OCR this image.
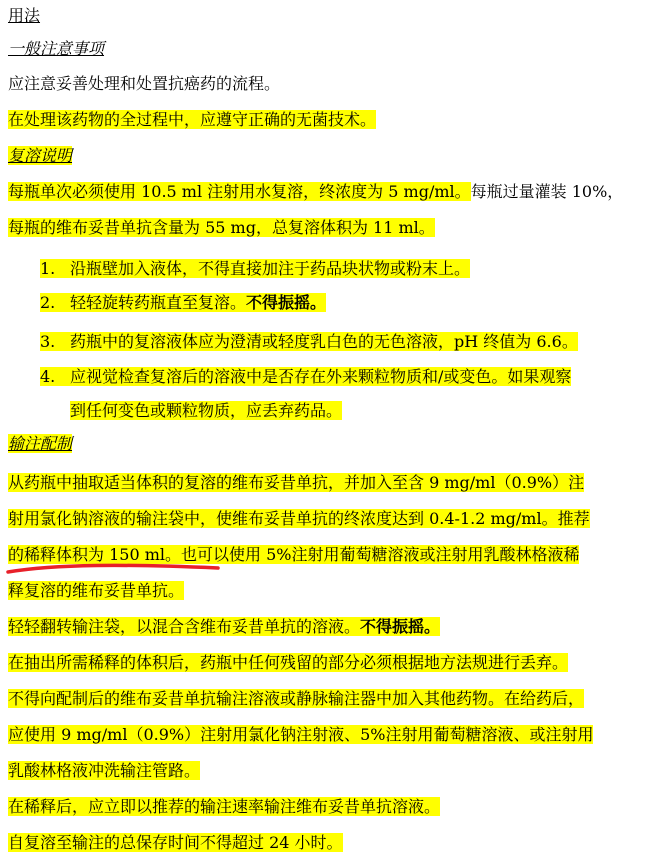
用法
一般注意事项
应注意妥善处理和处置抗癌药的流程。
在处理该药物的全过程中，应遵守正确的无菌技术。
复溶说明
每瓶单次必须使用 10.5 ml 注射用水复溶，终浓度为 5 mg/ml。每瓶过量灌装 10%，
每瓶的维布妥昔单抗含量为 55 mg，总复溶体积为 11 ml。
1. 沿瓶壁加入液体，不得直接加注于药品块状物或粉末上。
2. 轻轻旋转药瓶直至复溶。不得振摇。
3. 药瓶中的复溶液体应为澄清或轻度乳白色的无色溶液，pH 终值为 6.6。
4. 应视觉检查复溶后的溶液中是否存在外来颗粒物质和/或变色。如果观察
到任何变色或颗粒物质，应丢弃药品。
输注配制
从药瓶中抽取适当体积的复溶的维布妥昔单抗，并加入至含 9 mg/ml（0.9%）注
射用氯化钠溶液的输注袋中，使维布妥昔单抗的终浓度达到 0.4-1.2 mg/ml。推荐
的稀释体积为 150 ml。也可以使用 5%注射用葡萄糖溶液或注射用乳酸林格液稀
释复溶的维布妥昔单抗。
轻轻翻转输注袋，以混合含维布妥昔单抗的溶液。不得振摇。
在抽出所需稀释的体积后，药瓶中任何残留的部分必须根据地方法规进行丢弃。
不得向配制后的维布妥昔单抗输注溶液或静脉输注器中加入其他药物。在给药后，
应使用 9 mg/ml（0.9%）注射用氯化钠注射液、5%注射用葡萄糖溶液、或注射用
乳酸林格液冲洗输注管路。
在稀释后，应立即以推荐的输注速率输注维布妥昔单抗溶液。
自复溶至输注的总保存时间不得超过 24 小时。
